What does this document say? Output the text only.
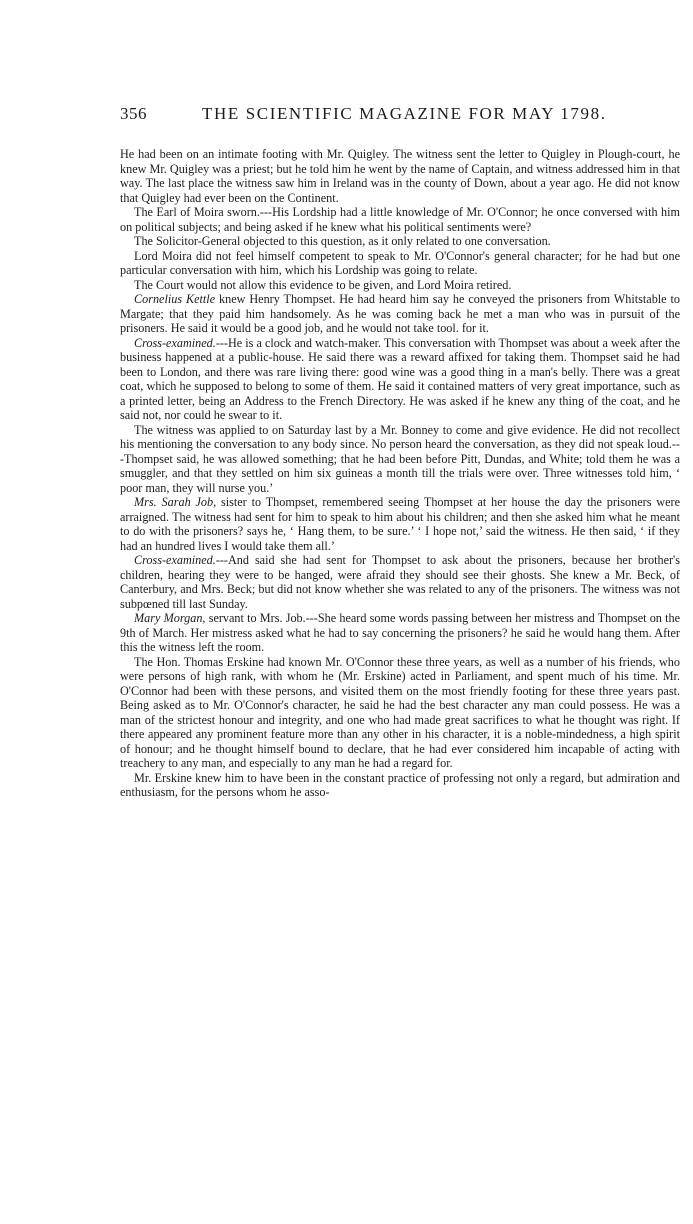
356	THE SCIENTIFIC MAGAZINE FOR MAY 1798.

He had been on an intimate footing with Mr. Quigley. The witness sent the letter to Quigley in Plough-court, he knew Mr. Quigley was a priest; but he told him he went by the name of Captain, and witness addressed him in that way. The last place the witness saw him in Ireland was in the county of Down, about a year ago. He did not know that Quigley had ever been on the Continent.

The Earl of Moira sworn.---His Lordship had a little knowledge of Mr. O'Connor; he once conversed with him on political subjects; and being asked if he knew what his political sentiments were?

The Solicitor-General objected to this question, as it only related to one conversation.

Lord Moira did not feel himself competent to speak to Mr. O'Connor's general character; for he had but one particular conversation with him, which his Lordship was going to relate.

The Court would not allow this evidence to be given, and Lord Moira retired.

Cornelius Kettle knew Henry Thompset. He had heard him say he conveyed the prisoners from Whitstable to Margate; that they paid him handsomely. As he was coming back he met a man who was in pursuit of the prisoners. He said it would be a good job, and he would not take tool. for it.

Cross-examined.---He is a clock and watch-maker. This conversation with Thompset was about a week after the business happened at a public-house. He said there was a reward affixed for taking them. Thompset said he had been to London, and there was rare living there: good wine was a good thing in a man's belly. There was a great coat, which he supposed to belong to some of them. He said it contained matters of very great importance, such as a printed letter, being an Address to the French Directory. He was asked if he knew any thing of the coat, and he said not, nor could he swear to it.

The witness was applied to on Saturday last by a Mr. Bonney to come and give evidence. He did not recollect his mentioning the conversation to any body since. No person heard the conversation, as they did not speak loud.---Thompset said, he was allowed something; that he had been before Pitt, Dundas, and White; told them he was a smuggler, and that they settled on him six guineas a month till the trials were over. Three witnesses told him, ‘ poor man, they will nurse you.’

Mrs. Sarah Job, sister to Thompset, remembered seeing Thompset at her house the day the prisoners were arraigned. The witness had sent for him to speak to him about his children; and then she asked him what he meant to do with the prisoners? says he, ‘ Hang them, to be sure.’ ‘ I hope not,’ said the witness. He then said, ‘ if they had an hundred lives I would take them all.’

Cross-examined.---And said she had sent for Thompset to ask about the prisoners, because her brother's children, hearing they were to be hanged, were afraid they should see their ghosts. She knew a Mr. Beck, of Canterbury, and Mrs. Beck; but did not know whether she was related to any of the prisoners. The witness was not subpœned till last Sunday.

Mary Morgan, servant to Mrs. Job.---She heard some words passing between her mistress and Thompset on the 9th of March. Her mistress asked what he had to say concerning the prisoners? he said he would hang them. After this the witness left the room.

The Hon. Thomas Erskine had known Mr. O'Connor these three years, as well as a number of his friends, who were persons of high rank, with whom he (Mr. Erskine) acted in Parliament, and spent much of his time. Mr. O'Connor had been with these persons, and visited them on the most friendly footing for these three years past. Being asked as to Mr. O'Connor's character, he said he had the best character any man could possess. He was a man of the strictest honour and integrity, and one who had made great sacrifices to what he thought was right. If there appeared any prominent feature more than any other in his character, it is a noble-mindedness, a high spirit of honour; and he thought himself bound to declare, that he had ever considered him incapable of acting with treachery to any man, and especially to any man he had a regard for.

Mr. Erskine knew him to have been in the constant practice of professing not only a regard, but admiration and enthusiasm, for the persons whom he asso-
